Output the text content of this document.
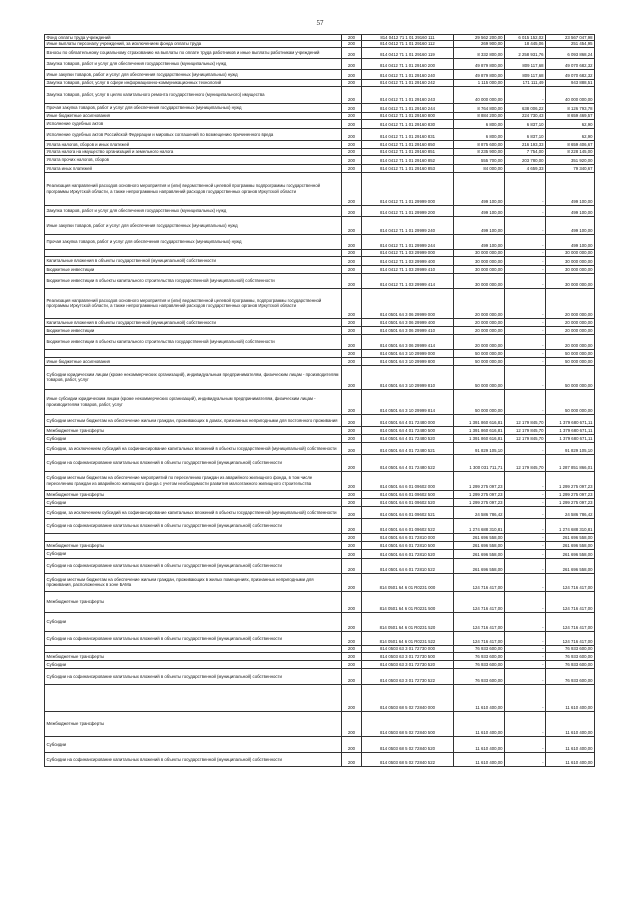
57
Фонд оплаты труда учреждений	200	814 0412 71 1 01 29160 111	29 562 200,00	6 015 152,02	23 567 047,98
Иные выплаты персоналу учреждений, за исключением фонда оплаты труда	200	814 0412 71 1 01 29160 112	269 900,00	18 445,06	251 454,95
Взносы по обязательному социальному страхованию на выплаты по оплате труда работников и иные выплаты работникам учреждений	200	814 0412 71 1 01 29160 119	8 332 800,00	2 258 931,76	6 093 868,24
Закупка товаров, работ и услуг для обеспечения государственных (муниципальных) нужд	200	814 0412 71 1 01 29160 200	49 879 800,00	809 117,68	49 070 682,32
Иные закупки товаров, работ и услуг для обеспечения государственных (муниципальных) нужд	200	814 0412 71 1 01 29160 240	49 879 800,00	809 117,68	49 070 682,32
Закупка товаров, работ, услуг в сфере информационно-коммуникационных технологий	200	814 0412 71 1 01 29160 242	1 115 000,00	171 111,49	943 888,51
Закупка товаров, работ, услуг в целях капитального ремонта государственного (муниципального) имущества	200	814 0412 71 1 01 29160 243	40 000 000,00	-	40 000 000,00
Прочая закупка товаров, работ и услуг для обеспечения государственных (муниципальных) нужд	200	814 0412 71 1 01 29160 244	8 764 800,00	638 006,22	8 126 793,78
Иные бюджетные ассигнования	200	814 0412 71 1 01 29160 800	8 884 200,00	224 730,43	8 659 469,57
Исполнение судебных актов	200	814 0412 71 1 01 29160 830	6 800,00	6 837,10	62,90
Исполнение судебных актов Российской Федерации и мировых соглашений по возмещению причиненного вреда	200	814 0412 71 1 01 29160 831	6 800,00	6 837,10	62,90
Уплата налогов, сборов и иных платежей	200	814 0412 71 1 01 29160 850	8 875 600,00	216 193,33	8 659 406,67
Уплата налога на имущество организаций и земельного налога	200	814 0412 71 1 01 29160 851	8 235 900,00	7 754,00	8 228 145,00
Уплата прочих налогов, сборов	200	814 0412 71 1 01 29160 852	555 700,00	203 780,00	351 920,00
Уплата иных платежей	200	814 0412 71 1 01 29160 853	84 000,00	4 659,33	79 340,67
Реализация направлений расходов основного мероприятия и (или) ведомственной целевой программы подпрограммы государственной программы Иркутской области, а также непрограммных направлений расходов государственных органов Иркутской области	200	814 0412 71 1 01 29999 000	499 100,00	-	499 100,00
Закупка товаров, работ и услуг для обеспечения государственных (муниципальных) нужд	200	814 0412 71 1 01 29999 200	499 100,00	-	499 100,00
Иные закупки товаров, работ и услуг для обеспечения государственных (муниципальных) нужд	200	814 0412 71 1 01 29999 240	499 100,00	-	499 100,00
Прочая закупка товаров, работ и услуг для обеспечения государственных (муниципальных) нужд	200	814 0412 71 1 01 29999 244	499 100,00	-	499 100,00
	200	814 0412 71 1 03 29999 000	30 000 000,00	-	30 000 000,00
Капитальные вложения в объекты государственной (муниципальной) собственности	200	814 0412 71 1 03 29999 400	30 000 000,00	-	30 000 000,00
Бюджетные инвестиции	200	814 0412 71 1 03 29999 410	30 000 000,00	-	30 000 000,00
Бюджетные инвестиции в объекты капитального строительства государственной (муниципальной) собственности	200	814 0412 71 1 03 29999 414	30 000 000,00	-	30 000 000,00
Реализация направлений расходов основного мероприятия и (или) ведомственной целевой программы, подпрограммы государственной программы Иркутской области, а также непрограммных направлений расходов государственных органов Иркутской области	200	814 0501 64 3 06 29999 000	20 000 000,00	-	20 000 000,00
Капитальные вложения в объекты государственной (муниципальной) собственности	200	814 0501 64 3 06 29999 400	20 000 000,00	-	20 000 000,00
Бюджетные инвестиции	200	814 0501 64 3 06 29999 410	20 000 000,00	-	20 000 000,00
Бюджетные инвестиции в объекты капитального строительства государственной (муниципальной) собственности	200	814 0501 64 3 06 29999 414	20 000 000,00	-	20 000 000,00
	200	814 0501 64 3 10 29999 000	50 000 000,00	-	50 000 000,00
Иные бюджетные ассигнования	200	814 0501 64 3 10 29999 800	50 000 000,00	-	50 000 000,00
Субсидии юридическим лицам (кроме некоммерческих организаций), индивидуальным предпринимателям, физическим лицам - производителям товаров, работ, услуг	200	814 0501 64 3 10 29999 810	50 000 000,00	-	50 000 000,00
Иные субсидии юридическим лицам (кроме некоммерческих организаций), индивидуальным предпринимателям, физическим лицам - производителям товаров, работ, услуг	200	814 0501 64 3 10 29999 814	50 000 000,00	-	50 000 000,00
Субсидии местным бюджетам на обеспечение жильем граждан, проживающих в домах, признанных непригодными для постоянного проживания	200	814 0501 64 4 01 72480 000	1 391 860 616,81	12 179 845,70	1 379 680 671,11
Межбюджетные трансферты	200	814 0501 64 4 01 72480 500	1 391 860 616,81	12 179 845,70	1 379 680 671,11
Субсидии	200	814 0501 64 4 01 72480 520	1 391 860 616,81	12 179 845,70	1 379 680 671,11
Субсидии, за исключением субсидий на софинансирование капитальных вложений в объекты государственной (муниципальной) собственности	200	814 0501 64 4 01 72480 521	91 829 105,10	-	91 829 105,10
Субсидии на софинансирование капитальных вложений в объекты государственной (муниципальной) собственности	200	814 0501 64 4 01 72480 522	1 300 031 711,71	12 179 845,70	1 287 851 866,01
Субсидии местным бюджетам на обеспечение мероприятий по переселению граждан из аварийного жилищного фонда, в том числе переселению граждан из аварийного жилищного фонда с учетом необходимости развития малоэтажного жилищного строительства	200	814 0501 64 6 01 09602 000	1 299 275 097,23	-	1 299 275 097,23
Межбюджетные трансферты	200	814 0501 64 6 01 09602 500	1 299 275 097,23	-	1 299 275 097,23
Субсидии	200	814 0501 64 6 01 09602 520	1 299 275 097,23	-	1 299 275 097,23
Субсидии, за исключением субсидий на софинансирование капитальных вложений в объекты государственной (муниципальной) собственности	200	814 0501 64 6 01 09602 521	24 586 786,42	-	24 586 786,42
Субсидии на софинансирование капитальных вложений в объекты государственной (муниципальной) собственности	200	814 0501 64 6 01 09602 522	1 274 688 310,81	-	1 274 688 310,81
	200	814 0501 64 6 01 72810 000	261 696 558,00	-	261 696 558,00
Межбюджетные трансферты	200	814 0501 64 6 01 72810 500	261 696 558,00	-	261 696 558,00
Субсидии	200	814 0501 64 6 01 72810 520	261 696 558,00	-	261 696 558,00
Субсидии на софинансирование капитальных вложений в объекты государственной (муниципальной) собственности	200	814 0501 64 6 01 72810 522	261 696 558,00	-	261 696 558,00
Субсидии местным бюджетам на обеспечение жильем граждан, проживающих в жилых помещениях, признанных непригодными для проживания, расположенных в зоне БАМа	200	814 0501 64 6 01 R0231 000	124 716 417,00	-	124 716 417,00
Межбюджетные трансферты	200	814 0501 64 6 01 R0231 500	124 716 417,00	-	124 716 417,00
Субсидии	200	814 0501 64 6 01 R0231 520	124 716 417,00	-	124 716 417,00
Субсидии на софинансирование капитальных вложений в объекты государственной (муниципальной) собственности	200	814 0501 64 6 01 R0231 522	124 716 417,00	-	124 716 417,00
	200	814 0503 63 3 01 72730 000	76 933 600,00	-	76 933 600,00
Межбюджетные трансферты	200	814 0503 63 3 01 72730 500	76 933 600,00	-	76 933 600,00
Субсидии	200	814 0503 63 3 01 72730 520	76 933 600,00	-	76 933 600,00
Субсидии на софинансирование капитальных вложений в объекты государственной (муниципальной) собственности	200	814 0503 63 3 01 72730 522	76 933 600,00	-	76 933 600,00
	200	814 0503 68 5 02 72840 000	11 610 400,00	-	11 610 400,00
Межбюджетные трансферты	200	814 0503 68 5 02 72840 500	11 610 400,00	-	11 610 400,00
Субсидии	200	814 0503 68 5 02 72840 520	11 610 400,00	-	11 610 400,00
Субсидии на софинансирование капитальных вложений в объекты государственной (муниципальной) собственности	200	814 0503 68 5 02 72840 522	11 610 400,00	-	11 610 400,00
